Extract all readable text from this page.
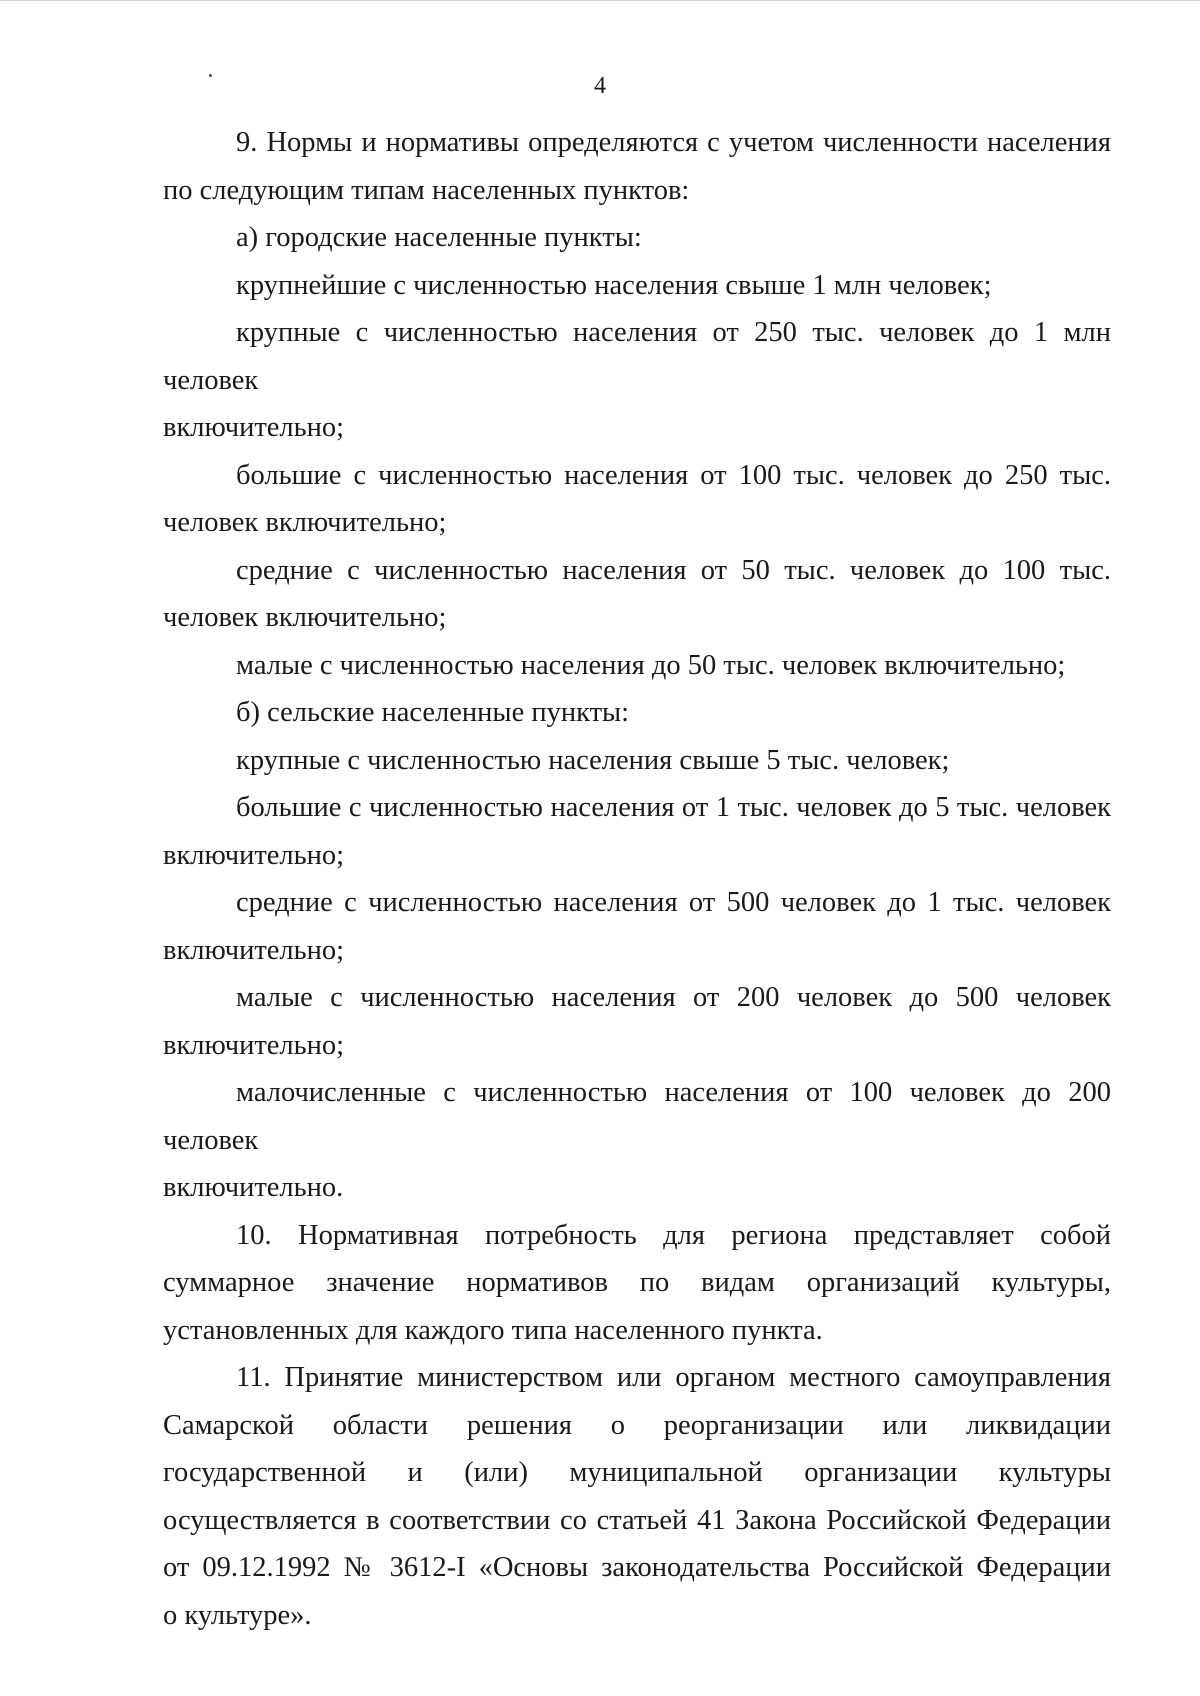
4

9. Нормы и нормативы определяются с учетом численности населения
по следующим типам населенных пунктов:

а) городские населенные пункты:

крупнейшие с численностью населения свыше 1 млн человек;

крупные с численностью населения от 250 тыс. человек до 1 млн человек
включительно;

большие с численностью населения от 100 тыс. человек до 250 тыс.
человек включительно;

средние с численностью населения от 50 тыс. человек до 100 тыс.
человек включительно;

малые с численностью населения до 50 тыс. человек включительно;

б) сельские населенные пункты:

крупные с численностью населения свыше 5 тыс. человек;

большие с численностью населения от 1 тыс. человек до 5 тыс. человек
включительно;

средние с численностью населения от 500 человек до 1 тыс. человек
включительно;

малые с численностью населения от 200 человек до 500 человек
включительно;

малочисленные с численностью населения от 100 человек до 200 человек
включительно.

10. Нормативная потребность для региона представляет собой
суммарное значение нормативов по видам организаций культуры,
установленных для каждого типа населенного пункта.

11. Принятие министерством или органом местного самоуправления
Самарской области решения о реорганизации или ликвидации
государственной и (или) муниципальной организации культуры
осуществляется в соответствии со статьей 41 Закона Российской Федерации
от 09.12.1992 № 3612-I «Основы законодательства Российской Федерации
о культуре».
